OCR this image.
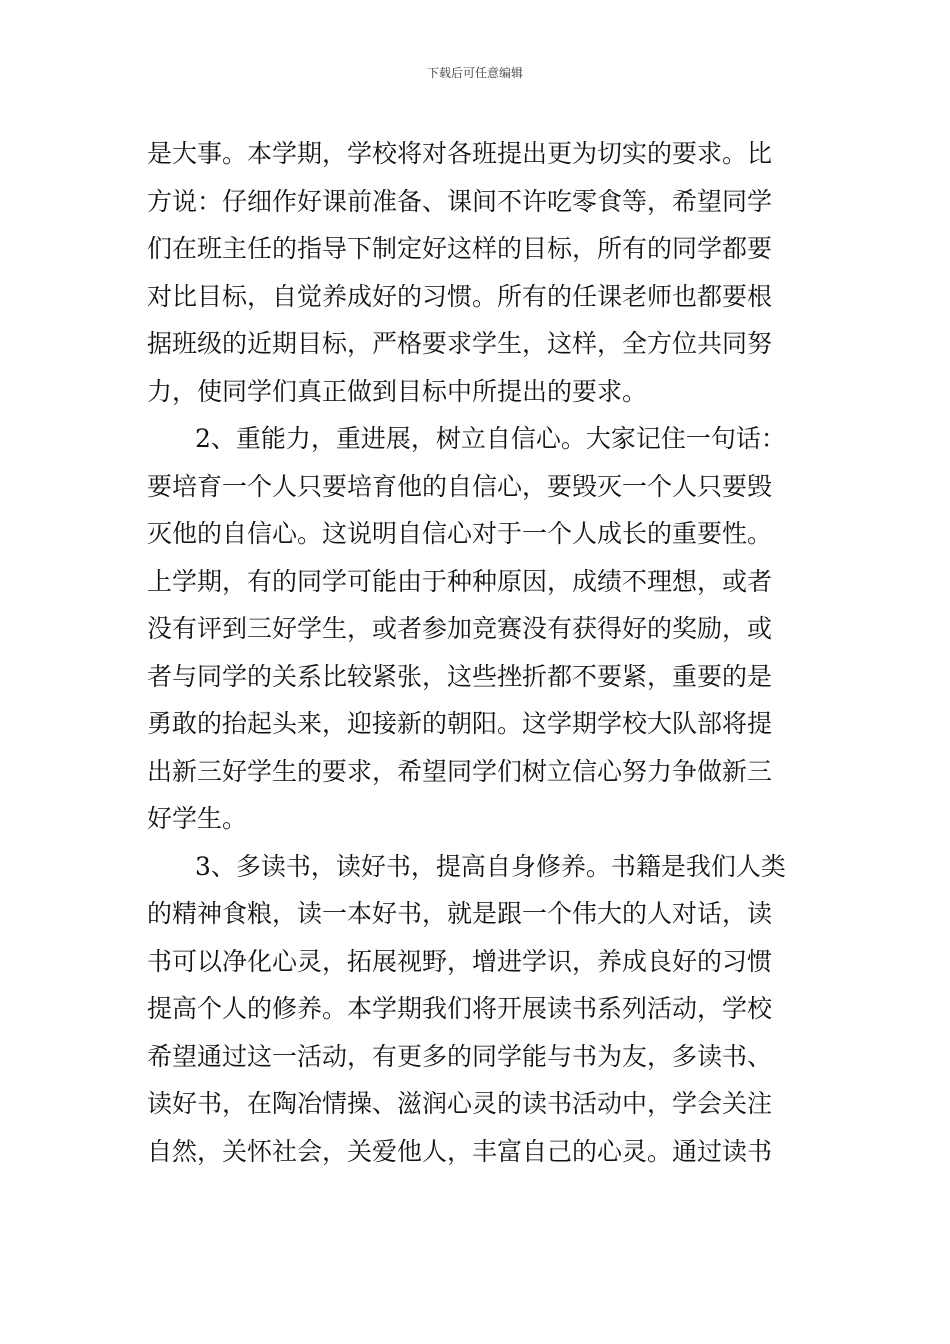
下载后可任意编辑
是大事。本学期，学校将对各班提出更为切实的要求。比
方说：仔细作好课前准备、课间不许吃零食等，希望同学
们在班主任的指导下制定好这样的目标，所有的同学都要
对比目标，自觉养成好的习惯。所有的任课老师也都要根
据班级的近期目标，严格要求学生，这样，全方位共同努
力，使同学们真正做到目标中所提出的要求。
2、重能力，重进展，树立自信心。大家记住一句话：
要培育一个人只要培育他的自信心，要毁灭一个人只要毁
灭他的自信心。这说明自信心对于一个人成长的重要性。
上学期，有的同学可能由于种种原因，成绩不理想，或者
没有评到三好学生，或者参加竞赛没有获得好的奖励，或
者与同学的关系比较紧张，这些挫折都不要紧，重要的是
勇敢的抬起头来，迎接新的朝阳。这学期学校大队部将提
出新三好学生的要求，希望同学们树立信心努力争做新三
好学生。
3、多读书，读好书，提高自身修养。书籍是我们人类
的精神食粮，读一本好书，就是跟一个伟大的人对话，读
书可以净化心灵，拓展视野，增进学识，养成良好的习惯
提高个人的修养。本学期我们将开展读书系列活动，学校
希望通过这一活动，有更多的同学能与书为友，多读书、
读好书，在陶冶情操、滋润心灵的读书活动中，学会关注
自然，关怀社会，关爱他人，丰富自己的心灵。通过读书
